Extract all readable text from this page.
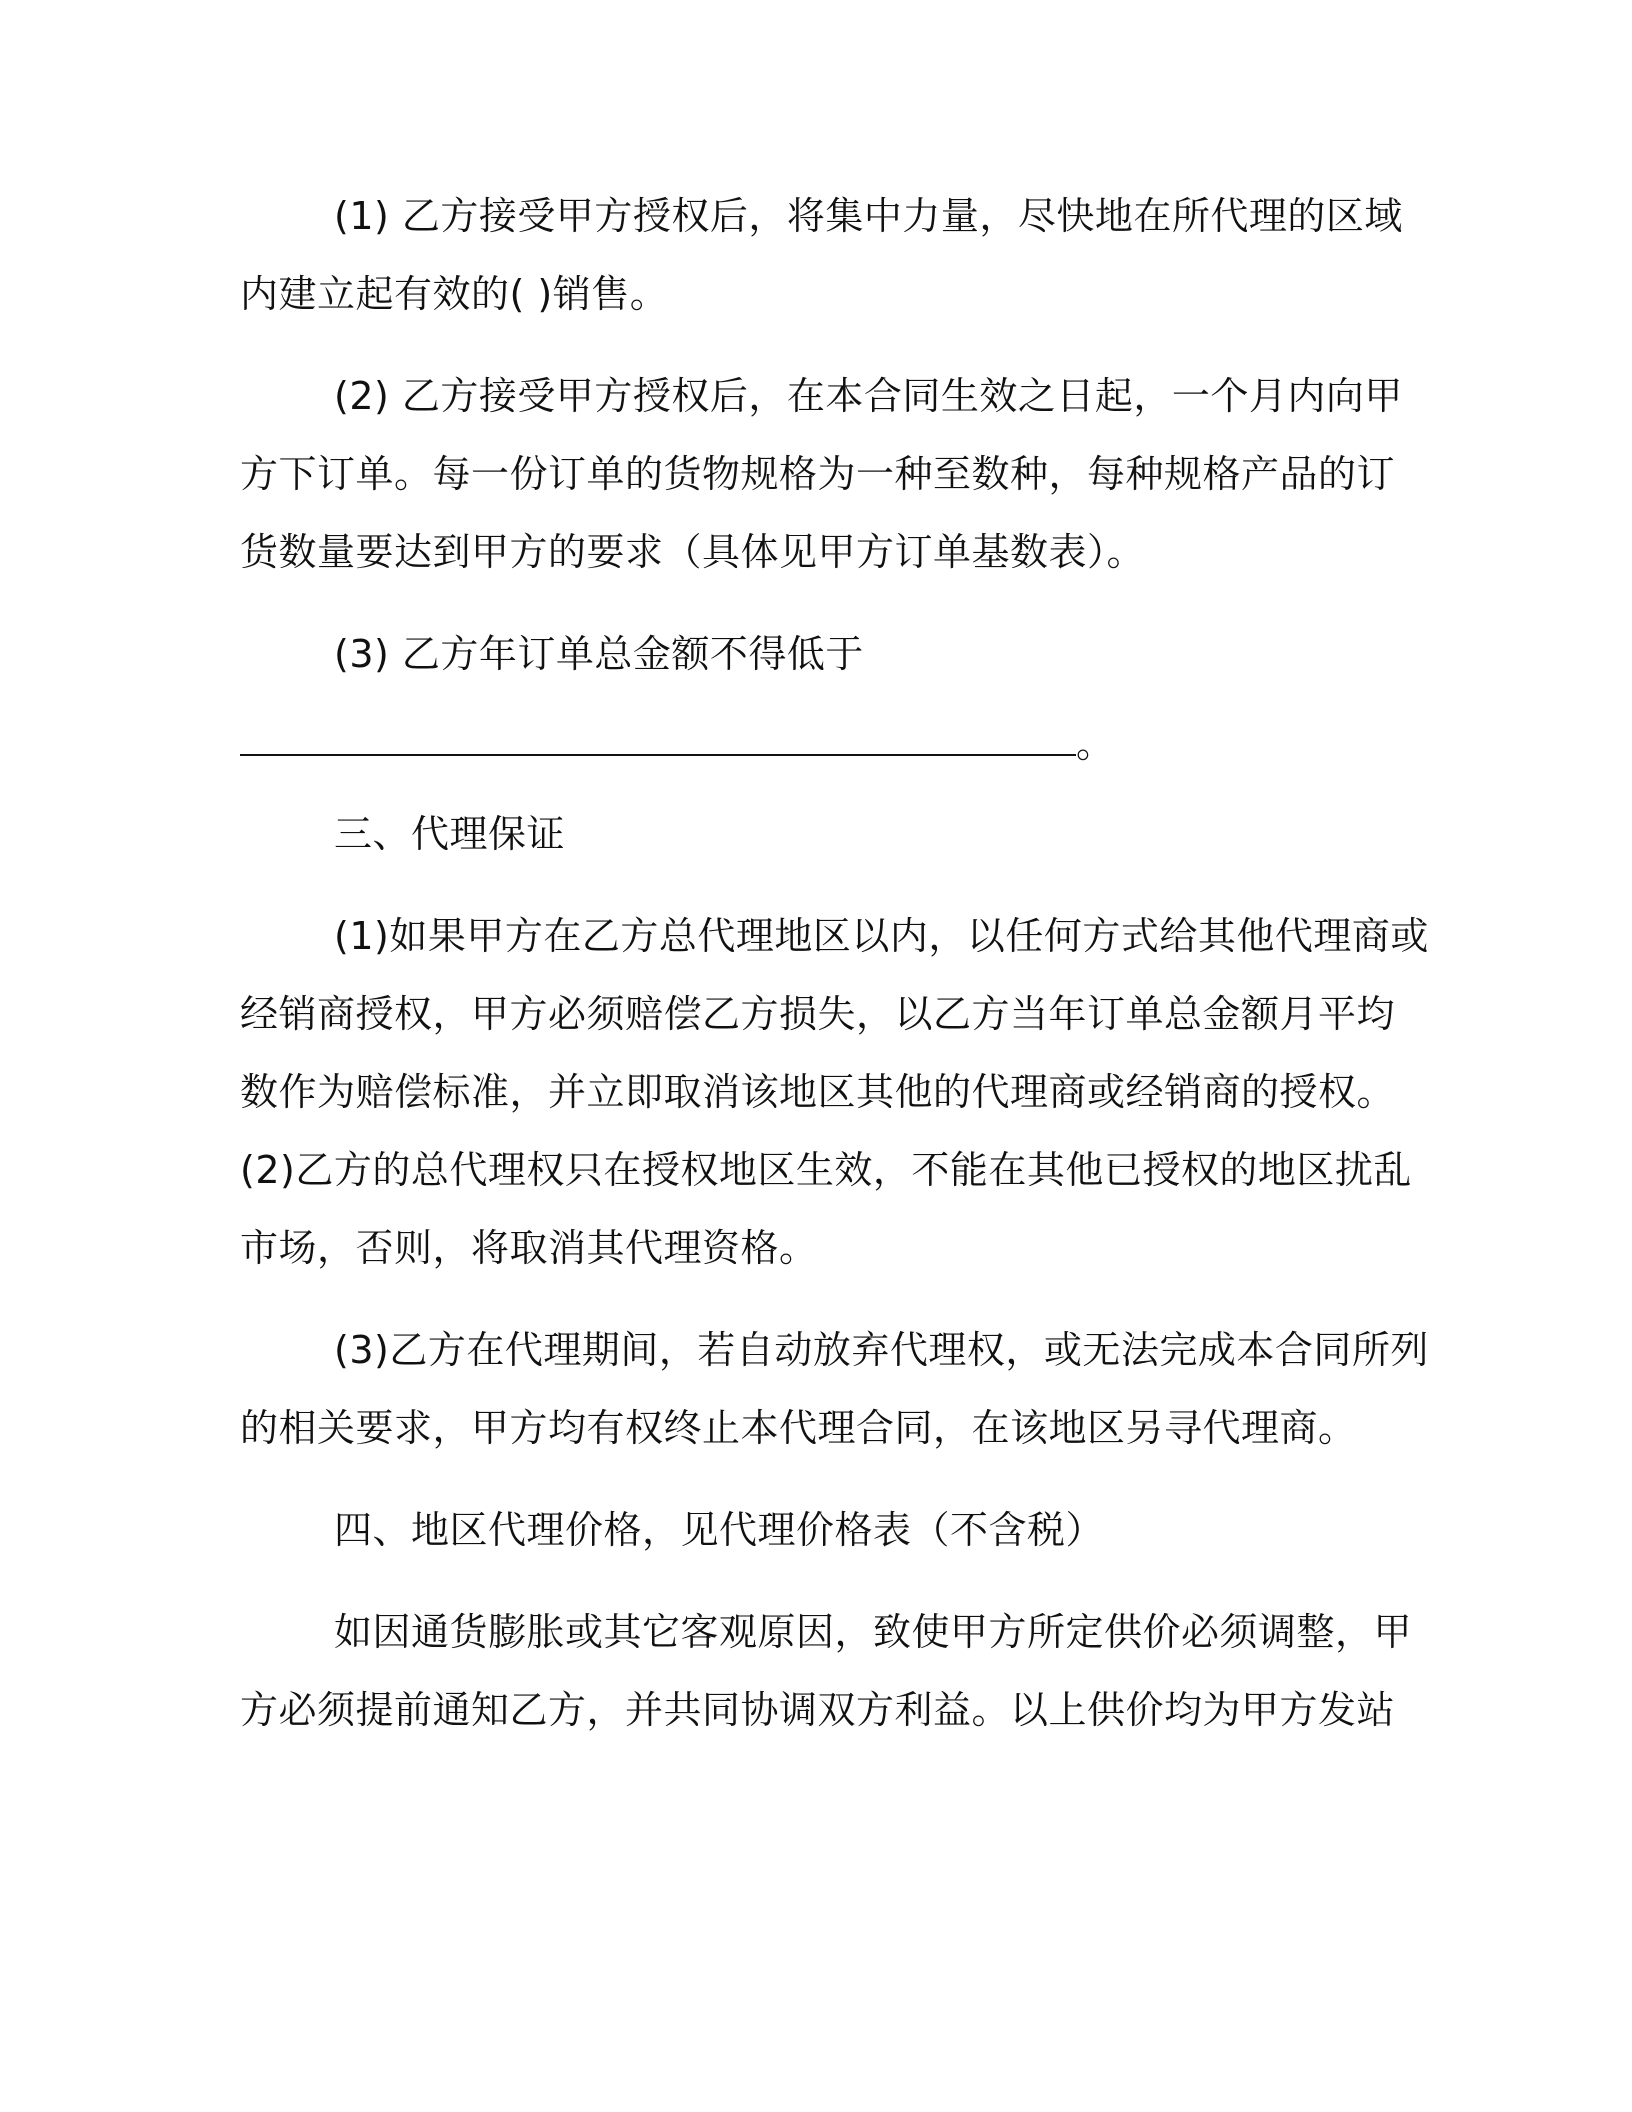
(1) 乙方接受甲方授权后，将集中力量，尽快地在所代理的区域
内建立起有效的( )销售。
(2) 乙方接受甲方授权后，在本合同生效之日起，一个月内向甲
方下订单。每一份订单的货物规格为一种至数种，每种规格产品的订
货数量要达到甲方的要求（具体见甲方订单基数表）。
(3) 乙方年订单总金额不得低于
。
三、代理保证
(1)如果甲方在乙方总代理地区以内，以任何方式给其他代理商或
经销商授权，甲方必须赔偿乙方损失，以乙方当年订单总金额月平均
数作为赔偿标准，并立即取消该地区其他的代理商或经销商的授权。
(2)乙方的总代理权只在授权地区生效，不能在其他已授权的地区扰乱
市场，否则，将取消其代理资格。
(3)乙方在代理期间，若自动放弃代理权，或无法完成本合同所列
的相关要求，甲方均有权终止本代理合同，在该地区另寻代理商。
四、地区代理价格，见代理价格表（不含税）
如因通货膨胀或其它客观原因，致使甲方所定供价必须调整，甲
方必须提前通知乙方，并共同协调双方利益。以上供价均为甲方发站
